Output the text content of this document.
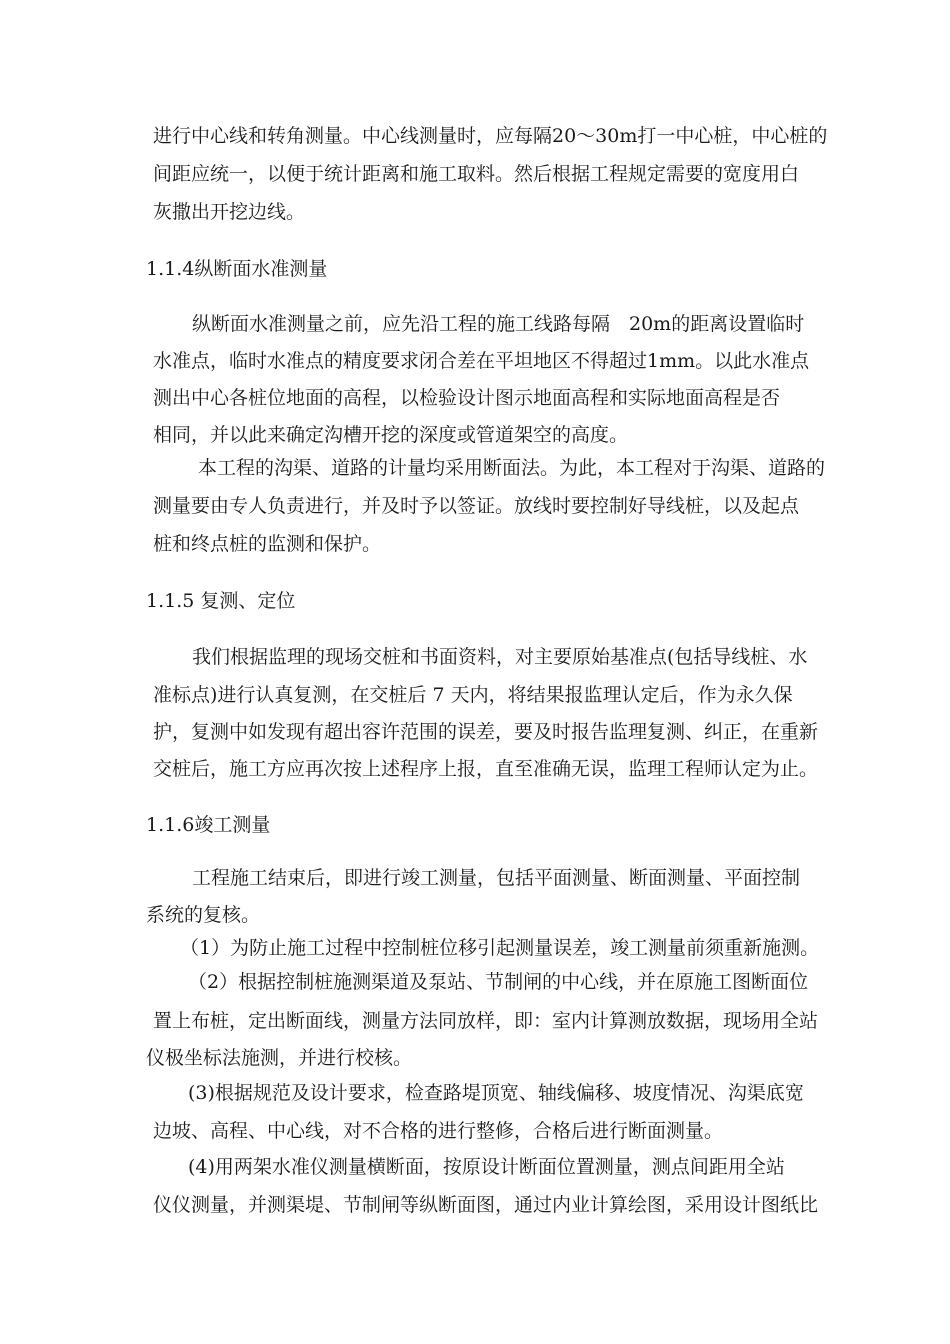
进行中心线和转角测量。中心线测量时，应每隔20～30m打一中心桩，中心桩的
间距应统一，以便于统计距离和施工取料。然后根据工程规定需要的宽度用白
灰撒出开挖边线。
1.1.4纵断面水准测量
纵断面水准测量之前，应先沿工程的施工线路每隔　20m的距离设置临时
水准点，临时水准点的精度要求闭合差在平坦地区不得超过1mm。以此水准点
测出中心各桩位地面的高程，以检验设计图示地面高程和实际地面高程是否
相同，并以此来确定沟槽开挖的深度或管道架空的高度。
本工程的沟渠、道路的计量均采用断面法。为此，本工程对于沟渠、道路的
测量要由专人负责进行，并及时予以签证。放线时要控制好导线桩，以及起点
桩和终点桩的监测和保护。
1.1.5 复测、定位
我们根据监理的现场交桩和书面资料，对主要原始基准点(包括导线桩、水
准标点)进行认真复测，在交桩后 7 天内，将结果报监理认定后，作为永久保
护，复测中如发现有超出容许范围的误差，要及时报告监理复测、纠正，在重新
交桩后，施工方应再次按上述程序上报，直至准确无误，监理工程师认定为止。
1.1.6竣工测量
工程施工结束后，即进行竣工测量，包括平面测量、断面测量、平面控制
系统的复核。
（1）为防止施工过程中控制桩位移引起测量误差，竣工测量前须重新施测。
（2）根据控制桩施测渠道及泵站、节制闸的中心线，并在原施工图断面位
置上布桩，定出断面线，测量方法同放样，即：室内计算测放数据，现场用全站
仪极坐标法施测，并进行校核。
(3)根据规范及设计要求，检查路堤顶宽、轴线偏移、坡度情况、沟渠底宽
边坡、高程、中心线，对不合格的进行整修，合格后进行断面测量。
(4)用两架水准仪测量横断面，按原设计断面位置测量，测点间距用全站
仪仪测量，并测渠堤、节制闸等纵断面图，通过内业计算绘图，采用设计图纸比
